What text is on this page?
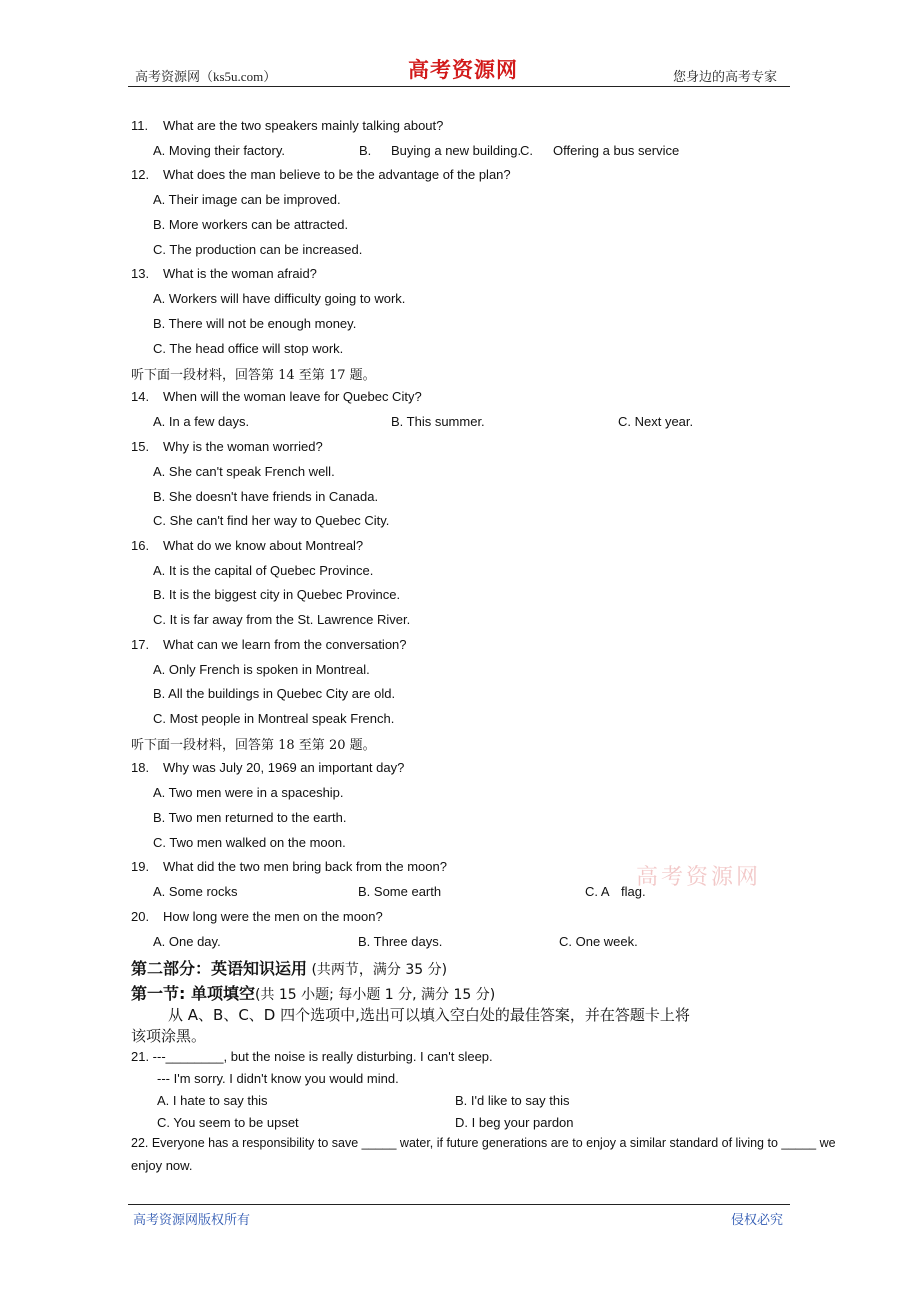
高考资源网（ks5u.com）	高考资源网	您身边的高考专家
11. What are the two speakers mainly talking about?
A. Moving their factory.	B. Buying a new building.
C. Offering a bus service
12. What does the man believe to be the advantage of the plan?
A. Their image can be improved.
B. More workers can be attracted.
C. The production can be increased.
13. What is the woman afraid?
A. Workers will have difficulty going to work.
B. There will not be enough money.
C. The head office will stop work.
听下面一段材料，回答第 14 至第 17 题。
14. When will the woman leave for Quebec City?
A. In a few days.	B. This summer.	C. Next year.
15. Why is the woman worried?
A. She can't speak French well.
B. She doesn't have friends in Canada.
C. She can't find her way to Quebec City.
16. What do we know about Montreal?
A. It is the capital of Quebec Province.
B. It is the biggest city in Quebec Province.
C. It is far away from the St. Lawrence River.
17. What can we learn from the conversation?
A. Only French is spoken in Montreal.
B. All the buildings in Quebec City are old.
C. Most people in Montreal speak French.
听下面一段材料，回答第 18 至第 20 题。
18. Why was July 20, 1969 an important day?
A. Two men were in a spaceship.
B. Two men returned to the earth.
C. Two men walked on the moon.
19. What did the two men bring back from the moon?
A. Some rocks	B. Some earth	C. A flag.
高考资源网
20. How long were the men on the moon?
A. One day.	B. Three days.	C. One week.
第二部分：英语知识运用 (共两节，满分 35 分)
第一节: 单项填空(共 15 小题; 每小题 1 分, 满分 15 分)
从 A、B、C、D 四个选项中,选出可以填入空白处的最佳答案，并在答题卡上将
该项涂黑。
21. ---________, but the noise is really disturbing. I can't sleep.
--- I'm sorry. I didn't know you would mind.
A. I hate to say this	B. I'd like to say this
C. You seem to be upset	D. I beg your pardon
22. Everyone has a responsibility to save _____ water, if future generations are to enjoy a similar standard of living to _____ we
enjoy now.
高考资源网版权所有	侵权必究
